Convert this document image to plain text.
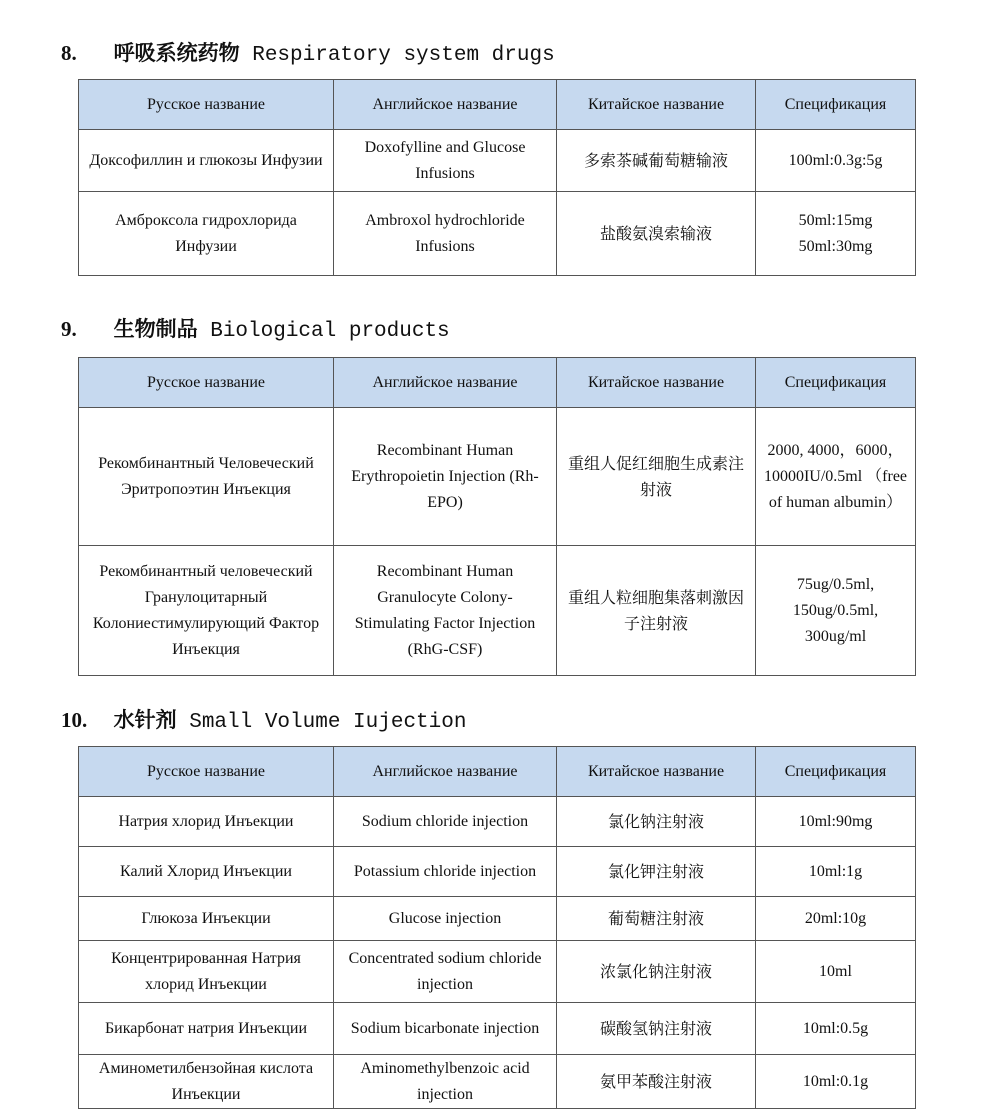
8. 呼吸系统药物 Respiratory system drugs
Русское название	Английское название	Китайское название	Спецификация
Доксофиллин и глюкозы Инфузии	Doxofylline and Glucose Infusions	多索茶碱葡萄糖输液	100ml:0.3g:5g
Амброксола гидрохлорида Инфузии	Ambroxol hydrochloride Infusions	盐酸氨溴索输液	50ml:15mg 50ml:30mg
9. 生物制品 Biological products
Русское название	Английское название	Китайское название	Спецификация
Рекомбинантный Человеческий Эритропоэтин Инъекция	Recombinant Human Erythropoietin Injection (Rh-EPO)	重组人促红细胞生成素注射液	2000, 4000，6000，10000IU/0.5ml （free of human albumin）
Рекомбинантный человеческий Гранулоцитарный Колониестимулирующий Фактор Инъекция	Recombinant Human Granulocyte Colony-Stimulating Factor Injection (RhG-CSF)	重组人粒细胞集落刺激因子注射液	75ug/0.5ml, 150ug/0.5ml, 300ug/ml
10. 水针剂 Small Volume Iujection
Русское название	Английское название	Китайское название	Спецификация
Натрия хлорид Инъекции	Sodium chloride injection	氯化钠注射液	10ml:90mg
Калий Хлорид Инъекции	Potassium chloride injection	氯化钾注射液	10ml:1g
Глюкоза Инъекции	Glucose injection	葡萄糖注射液	20ml:10g
Концентрированная Натрия хлорид Инъекции	Concentrated sodium chloride injection	浓氯化钠注射液	10ml
Бикарбонат натрия Инъекции	Sodium bicarbonate injection	碳酸氢钠注射液	10ml:0.5g
Аминометилбензойная кислота Инъекции	Aminomethylbenzoic acid injection	氨甲苯酸注射液	10ml:0.1g
